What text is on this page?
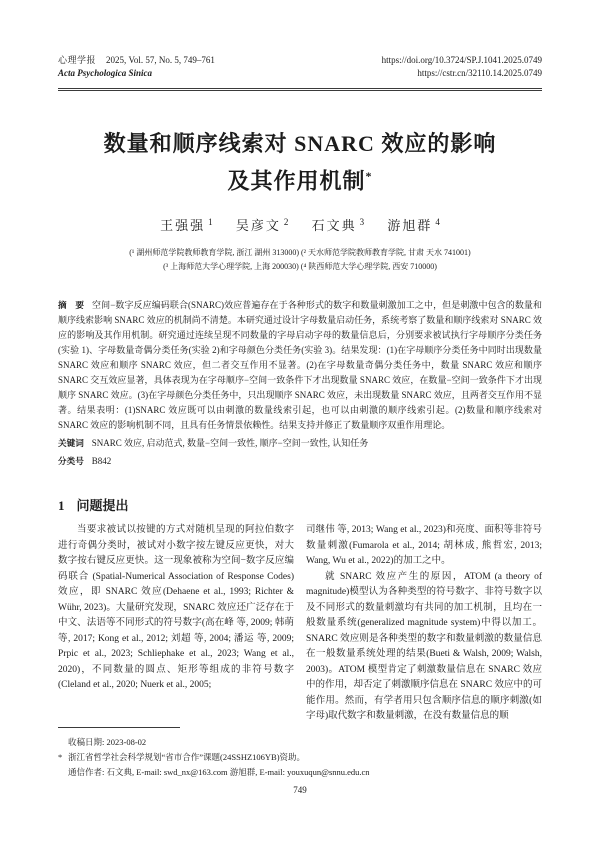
心理学报 2025, Vol. 57, No. 5, 749–761
Acta Psychologica Sinica
https://doi.org/10.3724/SP.J.1041.2025.0749
https://cstr.cn/32110.14.2025.0749
数量和顺序线索对 SNARC 效应的影响
及其作用机制*
王强强 $^1$ 吴彦文 $^2$ 石文典 $^3$ 游旭群 $^4$
(¹ 湖州师范学院教师教育学院, 浙江 湖州 313000) (² 天水师范学院教师教育学院, 甘肃 天水 741001)
(³ 上海师范大学心理学院, 上海 200030) (⁴ 陕西师范大学心理学院, 西安 710000)
摘　要 空间−数字反应编码联合(SNARC)效应普遍存在于各种形式的数字和数量刺激加工之中，但是刺激中包含的数量和顺序线索影响 SNARC 效应的机制尚不清楚。本研究通过设计字母数量启动任务，系统考察了数量和顺序线索对 SNARC 效应的影响及其作用机制。研究通过连续呈现不同数量的字母启动字母的数量信息后，分别要求被试执行字母顺序分类任务(实验 1)、字母数量奇偶分类任务(实验 2)和字母颜色分类任务(实验 3)。结果发现：(1)在字母顺序分类任务中同时出现数量 SNARC 效应和顺序 SNARC 效应，但二者交互作用不显著。(2)在字母数量奇偶分类任务中，数量 SNARC 效应和顺序 SNARC 交互效应显著，具体表现为在字母顺序−空间一致条件下才出现数量 SNARC 效应，在数量−空间一致条件下才出现顺序 SNARC 效应。(3)在字母颜色分类任务中，只出现顺序 SNARC 效应，未出现数量 SNARC 效应，且两者交互作用不显著。结果表明：(1)SNARC 效应既可以由刺激的数量线索引起，也可以由刺激的顺序线索引起。(2)数量和顺序线索对 SNARC 效应的影响机制不同，且具有任务情景依赖性。结果支持并修正了数量顺序双重作用理论。
关键词 SNARC 效应, 启动范式, 数量−空间一致性, 顺序−空间一致性, 认知任务
分类号 B842
1 问题提出

当要求被试以按键的方式对随机呈现的阿拉伯数字进行奇偶分类时，被试对小数字按左键反应更快，对大数字按右键反应更快。这一现象被称为空间−数字反应编码联合 (Spatial-Numerical Association of Response Codes)效应，即 SNARC 效应(Dehaene et al., 1993; Richter & Wühr, 2023)。大量研究发现，SNARC 效应还广泛存在于中文、法语等不同形式的符号数字(高在峰 等, 2009; 韩萌 等, 2017; Kong et al., 2012; 刘超 等, 2004; 潘运 等, 2009; Prpic et al., 2023; Schliephake et al., 2023; Wang et al., 2020)，不同数量的圆点、矩形等组成的非符号数字(Cleland et al., 2020; Nuerk et al., 2005;

司继伟 等, 2013; Wang et al., 2023)和亮度、面积等非符号数量刺激(Fumarola et al., 2014; 胡林成, 熊哲宏, 2013; Wang, Wu et al., 2022)的加工之中。

就 SNARC 效应产生的原因，ATOM (a theory of magnitude)模型认为各种类型的符号数字、非符号数字以及不同形式的数量刺激均有共同的加工机制，且均在一般数量系统(generalized magnitude system)中得以加工。SNARC 效应则是各种类型的数字和数量刺激的数量信息在一般数量系统处理的结果(Bueti & Walsh, 2009; Walsh, 2003)。ATOM 模型肯定了刺激数量信息在 SNARC 效应中的作用，却否定了刺激顺序信息在 SNARC 效应中的可能作用。然而，有学者用只包含顺序信息的顺序刺激(如字母)取代数字和数量刺激，在没有数量信息的顺

收稿日期: 2023-08-02

* 浙江省哲学社会科学规划“省市合作”课题(24SSHZ106YB)资助。

通信作者: 石文典, E-mail: swd_nx@163.com 游旭群, E-mail: youxuqun@snnu.edu.cn

749
